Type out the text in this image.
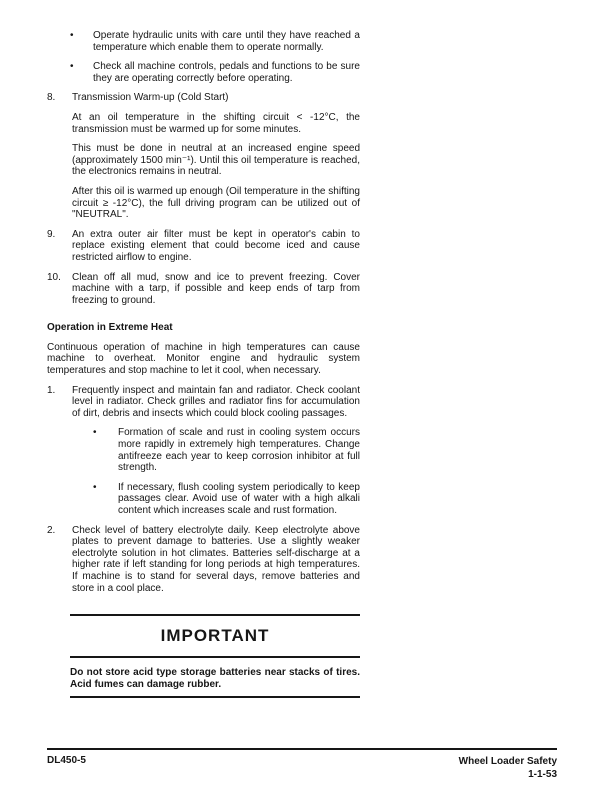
•	Operate hydraulic units with care until they have reached a temperature which enable them to operate normally.
•	Check all machine controls, pedals and functions to be sure they are operating correctly before operating.
8.	Transmission Warm-up (Cold Start)

At an oil temperature in the shifting circuit < -12°C, the transmission must be warmed up for some minutes.

This must be done in neutral at an increased engine speed (approximately 1500 min⁻¹). Until this oil temperature is reached, the electronics remains in neutral.

After this oil is warmed up enough (Oil temperature in the shifting circuit ≥ -12°C), the full driving program can be utilized out of "NEUTRAL".

9.	An extra outer air filter must be kept in operator's cabin to replace existing element that could become iced and cause restricted airflow to engine.
10.	Clean off all mud, snow and ice to prevent freezing. Cover machine with a tarp, if possible and keep ends of tarp from freezing to ground.
Operation in Extreme Heat

Continuous operation of machine in high temperatures can cause machine to overheat. Monitor engine and hydraulic system temperatures and stop machine to let it cool, when necessary.

1.	Frequently inspect and maintain fan and radiator. Check coolant level in radiator. Check grilles and radiator fins for accumulation of dirt, debris and insects which could block cooling passages.
•	Formation of scale and rust in cooling system occurs more rapidly in extremely high temperatures. Change antifreeze each year to keep corrosion inhibitor at full strength.
•	If necessary, flush cooling system periodically to keep passages clear. Avoid use of water with a high alkali content which increases scale and rust formation.
2.	Check level of battery electrolyte daily. Keep electrolyte above plates to prevent damage to batteries. Use a slightly weaker electrolyte solution in hot climates. Batteries self-discharge at a higher rate if left standing for long periods at high temperatures. If machine is to stand for several days, remove batteries and store in a cool place.
IMPORTANT
Do not store acid type storage batteries near stacks of tires. Acid fumes can damage rubber.
DL450-5	Wheel Loader Safety
1-1-53
